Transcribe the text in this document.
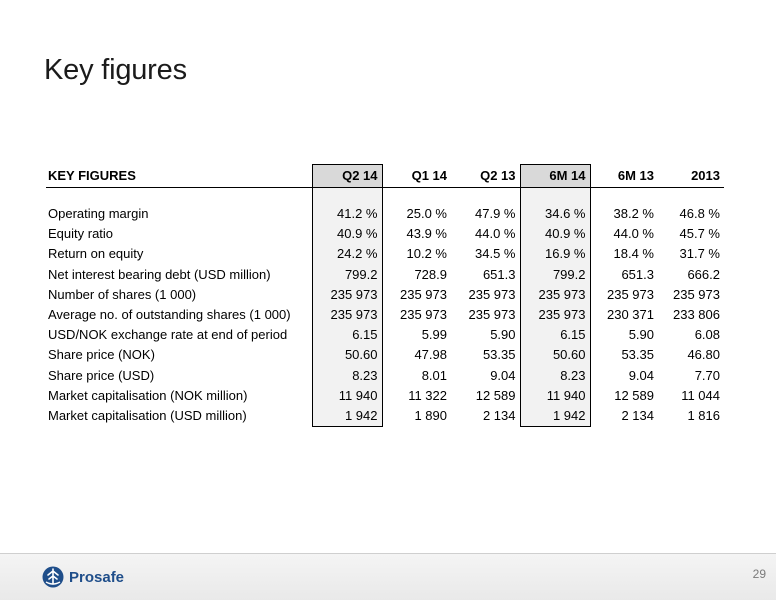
Key figures
KEY FIGURES	Q2 14	Q1 14	Q2 13	6M 14	6M 13	2013

Operating margin	41.2 %	25.0 %	47.9 %	34.6 %	38.2 %	46.8 %
Equity ratio	40.9 %	43.9 %	44.0 %	40.9 %	44.0 %	45.7 %
Return on equity	24.2 %	10.2 %	34.5 %	16.9 %	18.4 %	31.7 %
Net interest bearing debt (USD million)	799.2	728.9	651.3	799.2	651.3	666.2
Number of shares (1 000)	235 973	235 973	235 973	235 973	235 973	235 973
Average no. of outstanding shares (1 000)	235 973	235 973	235 973	235 973	230 371	233 806
USD/NOK exchange rate at end of period	6.15	5.99	5.90	6.15	5.90	6.08
Share price (NOK)	50.60	47.98	53.35	50.60	53.35	46.80
Share price (USD)	8.23	8.01	9.04	8.23	9.04	7.70
Market capitalisation (NOK million)	11 940	11 322	12 589	11 940	12 589	11 044
Market capitalisation (USD million)	1 942	1 890	2 134	1 942	2 134	1 816
Prosafe	29
